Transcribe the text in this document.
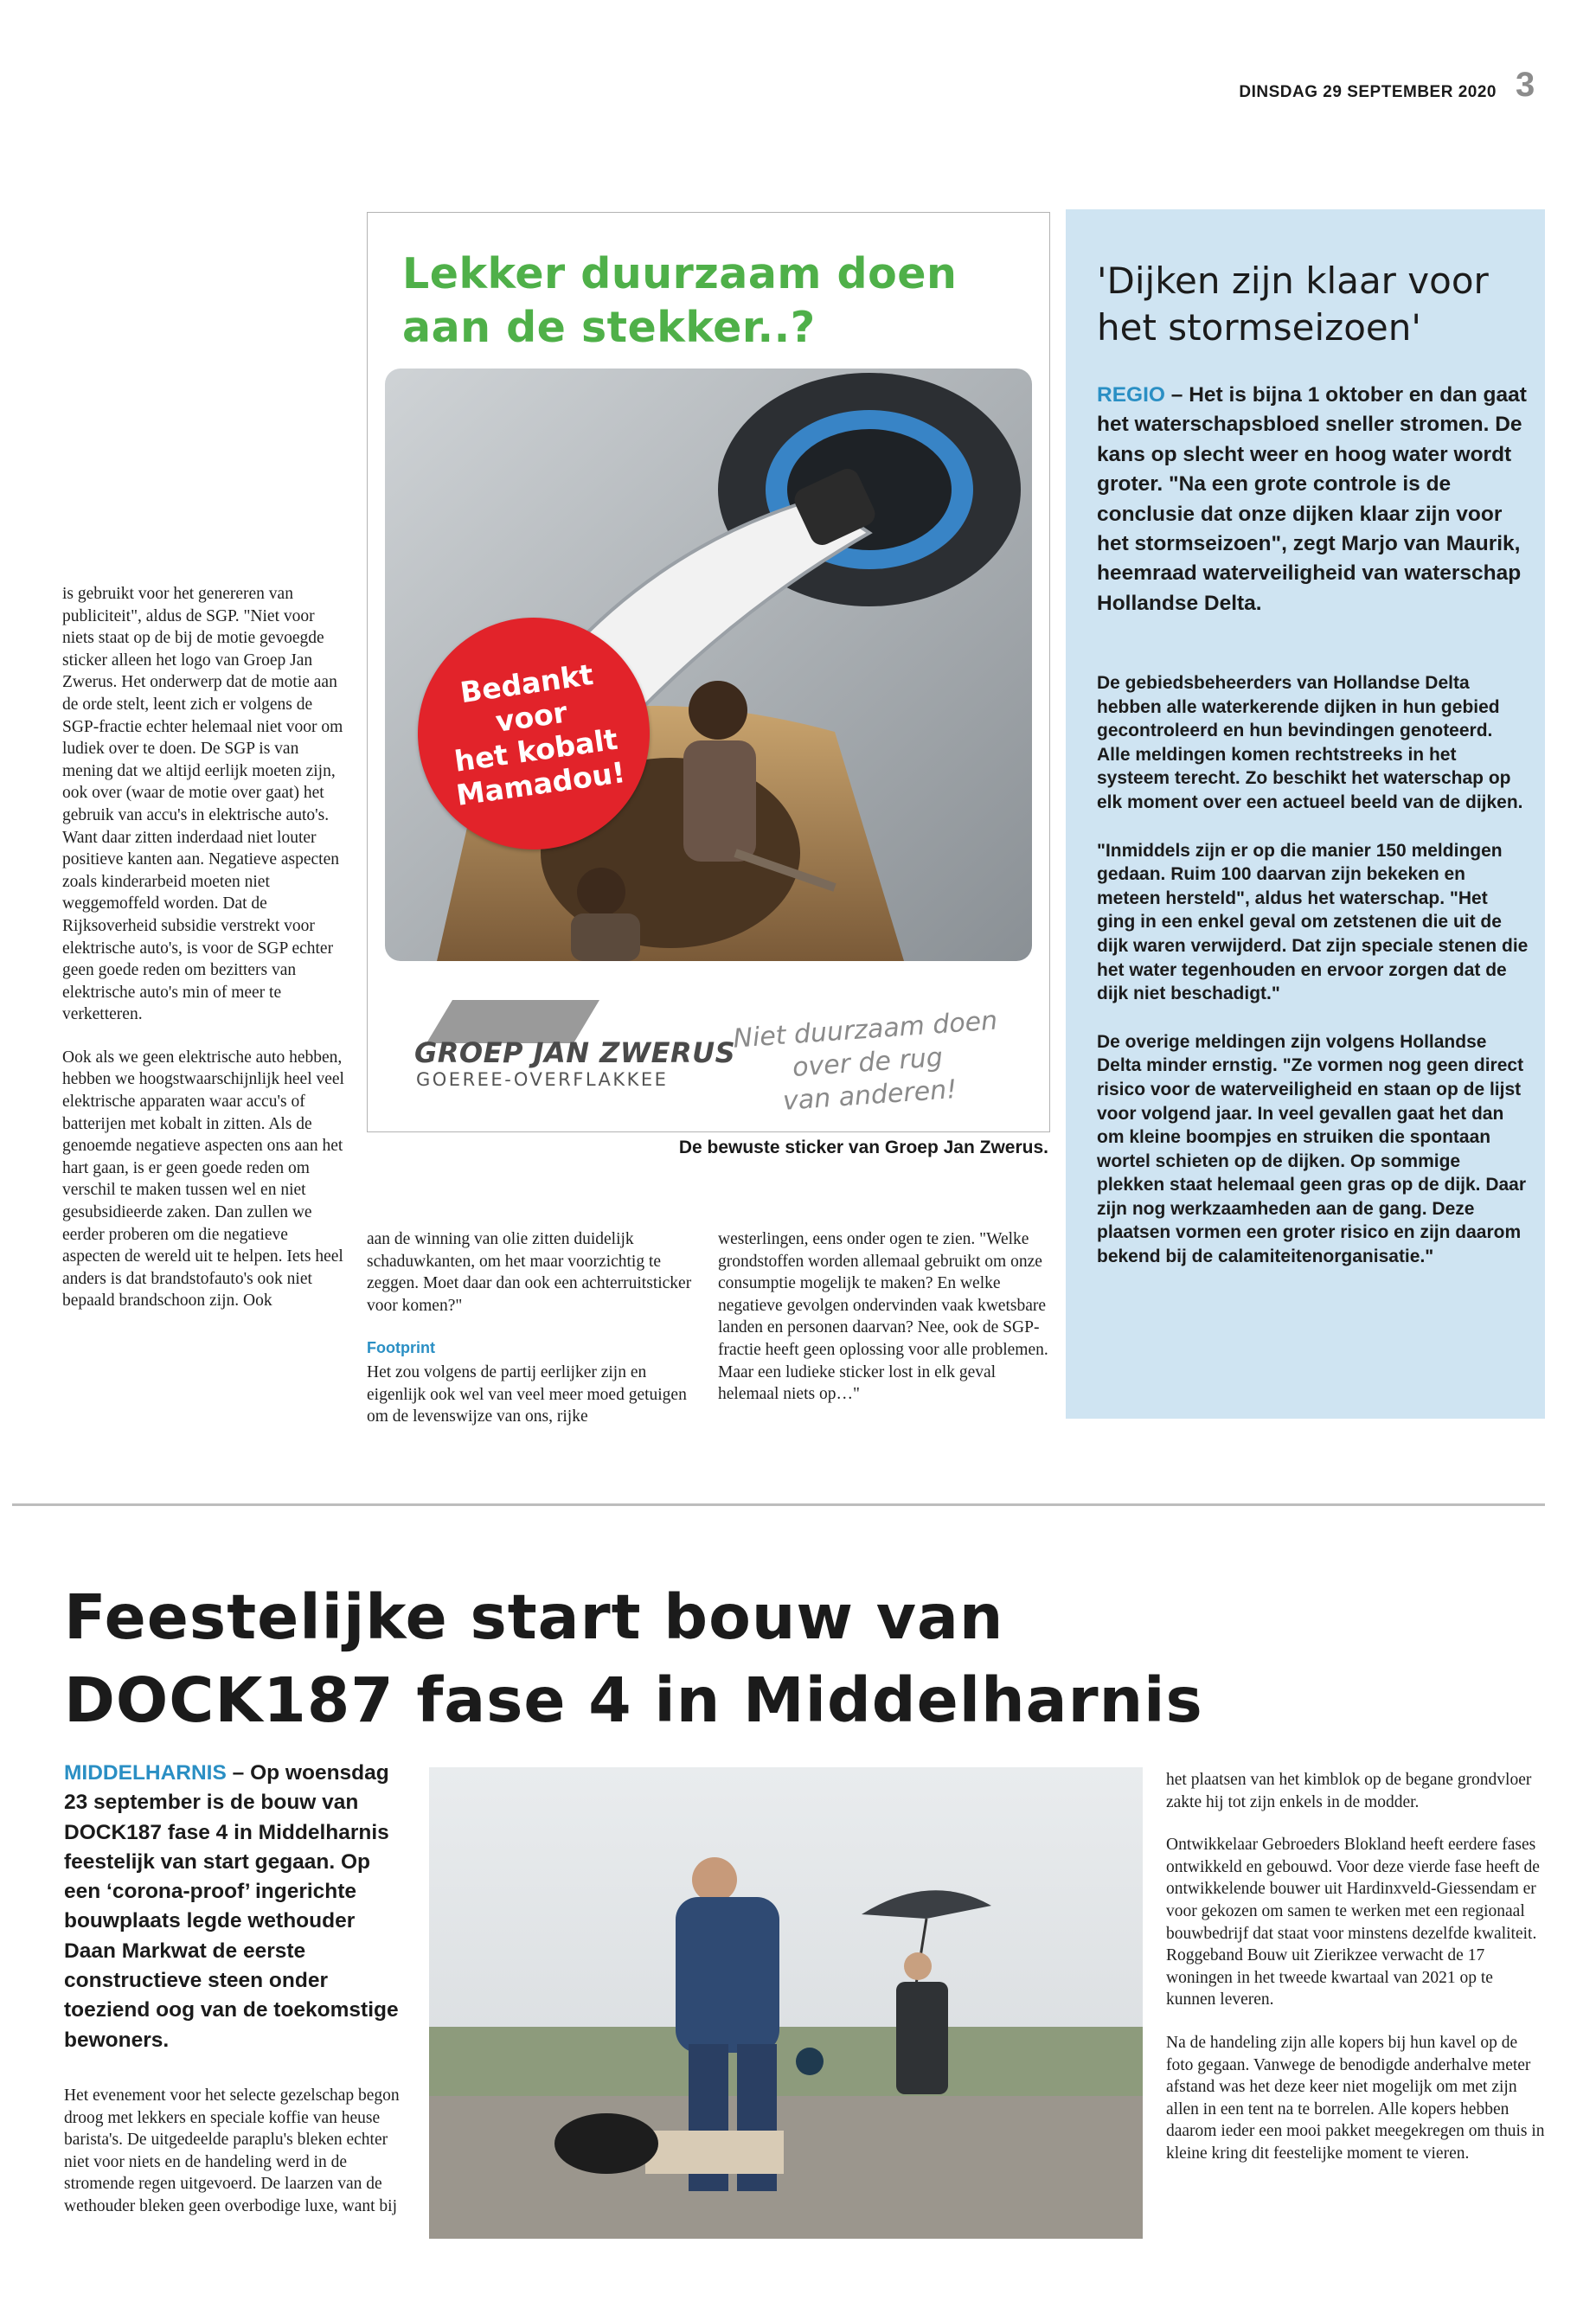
DINSDAG 29 SEPTEMBER 2020 3

is gebruikt voor het genereren van publiciteit", aldus de SGP. "Niet voor niets staat op de bij de motie gevoegde sticker alleen het logo van Groep Jan Zwerus. Het onderwerp dat de motie aan de orde stelt, leent zich er volgens de SGP-fractie echter helemaal niet voor om ludiek over te doen. De SGP is van mening dat we altijd eerlijk moeten zijn, ook over (waar de motie over gaat) het gebruik van accu's in elektrische auto's. Want daar zitten inderdaad niet louter positieve kanten aan. Negatieve aspecten zoals kinderarbeid moeten niet weggemoffeld worden. Dat de Rijksoverheid subsidie verstrekt voor elektrische auto's, is voor de SGP echter geen goede reden om bezitters van elektrische auto's min of meer te verketteren.

Ook als we geen elektrische auto hebben, hebben we hoogstwaarschijnlijk heel veel elektrische apparaten waar accu's of batterijen met kobalt in zitten. Als de genoemde negatieve aspecten ons aan het hart gaan, is er geen goede reden om verschil te maken tussen wel en niet gesubsidieerde zaken. Dan zullen we eerder proberen om die negatieve aspecten de wereld uit te helpen. Iets heel anders is dat brandstofauto's ook niet bepaald brandschoon zijn. Ook

Lekker duurzaam doen aan de stekker..?
Bedankt
voor
het kobalt
Mamadou!
GROEP JAN ZWERUS
GOEREE-OVERFLAKKEE
Niet duurzaam doen
over de rug
van anderen!
De bewuste sticker van Groep Jan Zwerus.

aan de winning van olie zitten duidelijk schaduwkanten, om het maar voorzichtig te zeggen. Moet daar dan ook een achterruitsticker voor komen?"

Footprint

Het zou volgens de partij eerlijker zijn en eigenlijk ook wel van veel meer moed getuigen om de levenswijze van ons, rijke

westerlingen, eens onder ogen te zien. "Welke grondstoffen worden allemaal gebruikt om onze consumptie mogelijk te maken? En welke negatieve gevolgen ondervinden vaak kwetsbare landen en personen daarvan? Nee, ook de SGP-fractie heeft geen oplossing voor alle problemen. Maar een ludieke sticker lost in elk geval helemaal niets op…"

'Dijken zijn klaar voor het stormseizoen'
REGIO – Het is bijna 1 oktober en dan gaat het waterschapsbloed sneller stromen. De kans op slecht weer en hoog water wordt groter. "Na een grote controle is de conclusie dat onze dijken klaar zijn voor het stormseizoen", zegt Marjo van Maurik, heemraad waterveiligheid van waterschap Hollandse Delta.

De gebiedsbeheerders van Hollandse Delta hebben alle waterkerende dijken in hun gebied gecontroleerd en hun bevindingen genoteerd. Alle meldingen komen rechtstreeks in het systeem terecht. Zo beschikt het waterschap op elk moment over een actueel beeld van de dijken.

"Inmiddels zijn er op die manier 150 meldingen gedaan. Ruim 100 daarvan zijn bekeken en meteen hersteld", aldus het waterschap. "Het ging in een enkel geval om zetstenen die uit de dijk waren verwijderd. Dat zijn speciale stenen die het water tegenhouden en ervoor zorgen dat de dijk niet beschadigt."

De overige meldingen zijn volgens Hollandse Delta minder ernstig. "Ze vormen nog geen direct risico voor de waterveiligheid en staan op de lijst voor volgend jaar. In veel gevallen gaat het dan om kleine boompjes en struiken die spontaan wortel schieten op de dijken. Op sommige plekken staat helemaal geen gras op de dijk. Daar zijn nog werkzaamheden aan de gang. Deze plaatsen vormen een groter risico en zijn daarom bekend bij de calamiteitenorganisatie."

Feestelijke start bouw van
DOCK187 fase 4 in Middelharnis
MIDDELHARNIS – Op woensdag 23 september is de bouw van DOCK187 fase 4 in Middelharnis feestelijk van start gegaan. Op een ‘corona-proof’ ingerichte bouwplaats legde wethouder Daan Markwat de eerste constructieve steen onder toeziend oog van de toekomstige bewoners.

Het evenement voor het selecte gezelschap begon droog met lekkers en speciale koffie van heuse barista's. De uitgedeelde paraplu's bleken echter niet voor niets en de handeling werd in de stromende regen uitgevoerd. De laarzen van de wethouder bleken geen overbodige luxe, want bij

het plaatsen van het kimblok op de begane grondvloer zakte hij tot zijn enkels in de modder.

Ontwikkelaar Gebroeders Blokland heeft eerdere fases ontwikkeld en gebouwd. Voor deze vierde fase heeft de ontwikkelende bouwer uit Hardinxveld-Giessendam er voor gekozen om samen te werken met een regionaal bouwbedrijf dat staat voor minstens dezelfde kwaliteit. Roggeband Bouw uit Zierikzee verwacht de 17 woningen in het tweede kwartaal van 2021 op te kunnen leveren.

Na de handeling zijn alle kopers bij hun kavel op de foto gegaan. Vanwege de benodigde anderhalve meter afstand was het deze keer niet mogelijk om met zijn allen in een tent na te borrelen. Alle kopers hebben daarom ieder een mooi pakket meegekregen om thuis in kleine kring dit feestelijke moment te vieren.
